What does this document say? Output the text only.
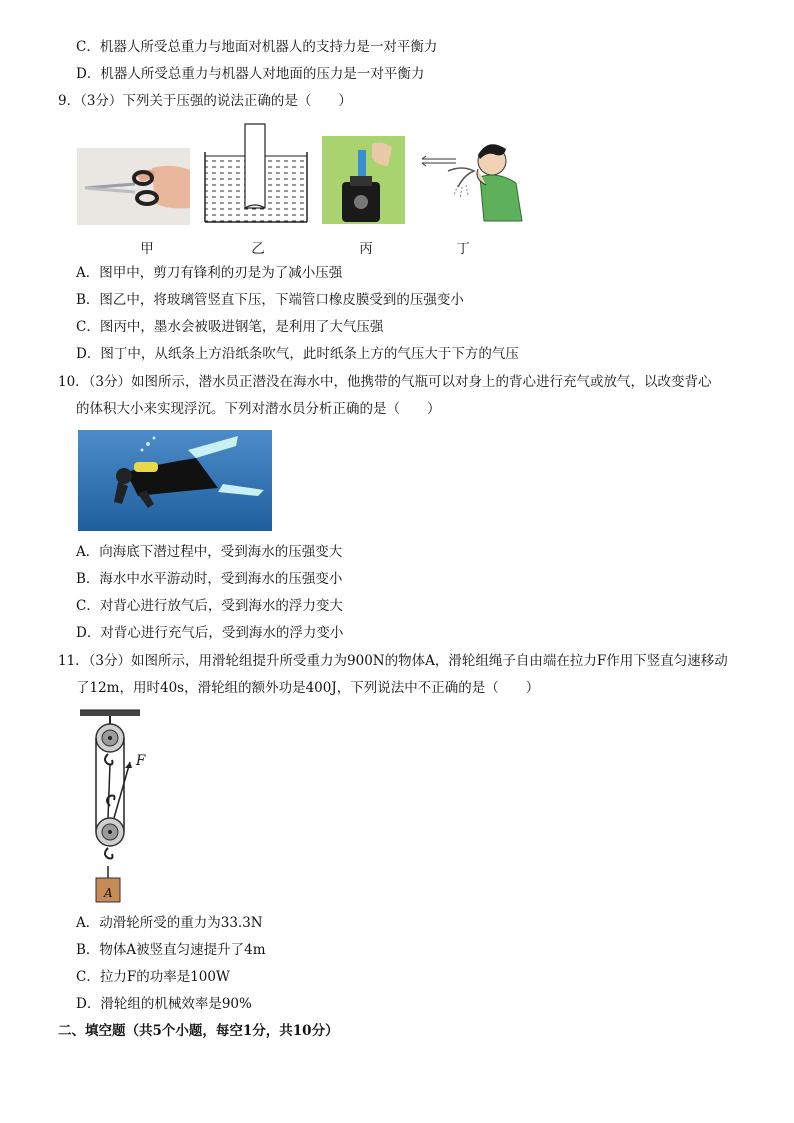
C．机器人所受总重力与地面对机器人的支持力是一对平衡力
D．机器人所受总重力与机器人对地面的压力是一对平衡力
9．（3分）下列关于压强的说法正确的是（　　）
甲	乙	丙	丁
A．图甲中，剪刀有锋利的刃是为了减小压强
B．图乙中，将玻璃管竖直下压，下端管口橡皮膜受到的压强变小
C．图丙中，墨水会被吸进钢笔，是利用了大气压强
D．图丁中，从纸条上方沿纸条吹气，此时纸条上方的气压大于下方的气压
10．（3分）如图所示，潜水员正潜没在海水中，他携带的气瓶可以对身上的背心进行充气或放气，以改变背心
的体积大小来实现浮沉。下列对潜水员分析正确的是（　　）
A．向海底下潜过程中，受到海水的压强变大
B．海水中水平游动时，受到海水的压强变小
C．对背心进行放气后，受到海水的浮力变大
D．对背心进行充气后，受到海水的浮力变小
11．（3分）如图所示，用滑轮组提升所受重力为900N的物体A，滑轮组绳子自由端在拉力F作用下竖直匀速移动
了12m，用时40s，滑轮组的额外功是400J，下列说法中不正确的是（　　）
F
A
A．动滑轮所受的重力为33.3N
B．物体A被竖直匀速提升了4m
C．拉力F的功率是100W
D．滑轮组的机械效率是90%
二、填空题（共5个小题，每空1分，共10分）
